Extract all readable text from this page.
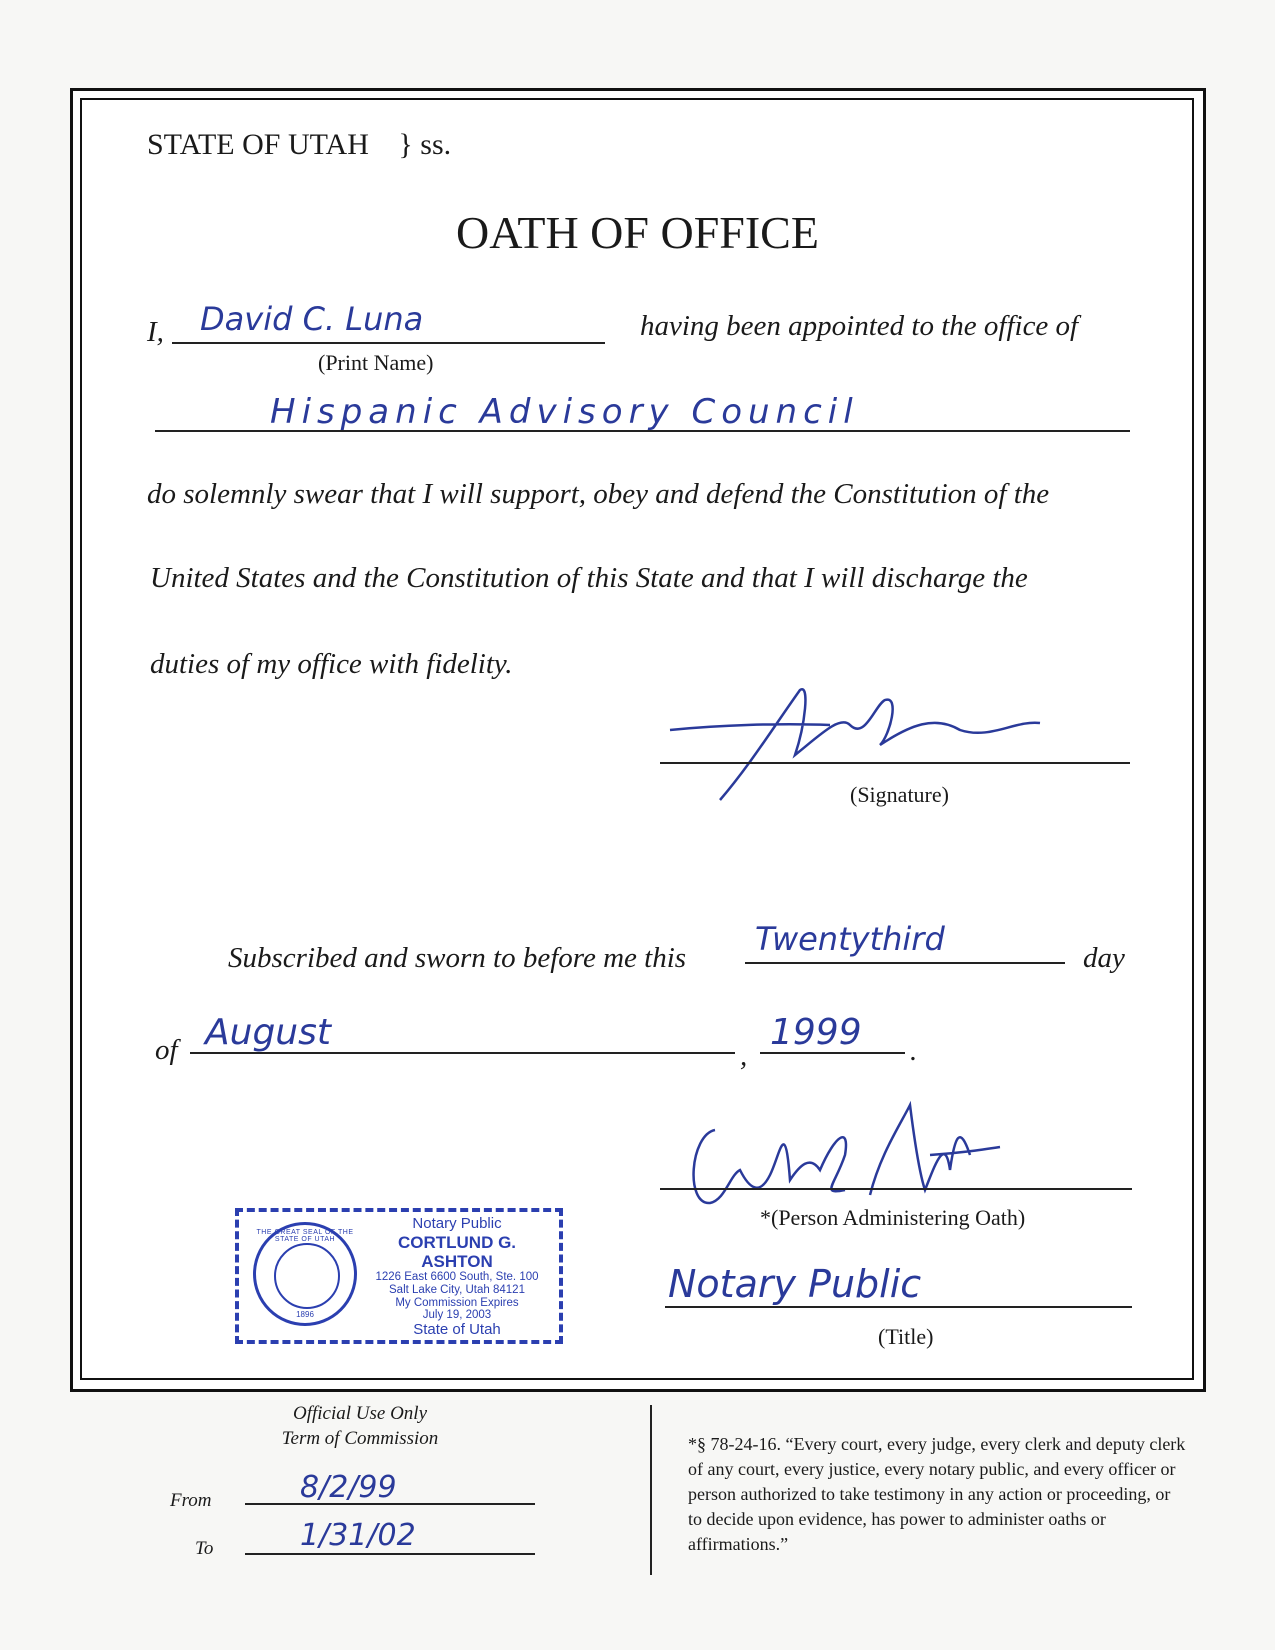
STATE OF UTAH } ss.
OATH OF OFFICE
I, David C. Luna
(Print Name)
having been appointed to the office of
Hispanic Advisory Council
do solemnly swear that I will support, obey and defend the Constitution of the
United States and the Constitution of this State and that I will discharge the
duties of my office with fidelity.
(Signature)
Subscribed and sworn to before me this Twentythird	day
of August
,
1999 .
*(Person Administering Oath)
Notary Public
(Title)
THE GREAT SEAL OF THE STATE OF UTAH
1896
Notary Public
CORTLUND G. ASHTON
1226 East 6600 South, Ste. 100
Salt Lake City, Utah 84121
My Commission Expires
July 19, 2003
State of Utah
Official Use Only
Term of Commission
From	8/2/99
To	1/31/02
*§ 78-24-16. “Every court, every judge, every clerk and deputy clerk of any court, every justice, every notary public, and every officer or person authorized to take testimony in any action or proceeding, or to decide upon evidence, has power to administer oaths or affirmations.”
